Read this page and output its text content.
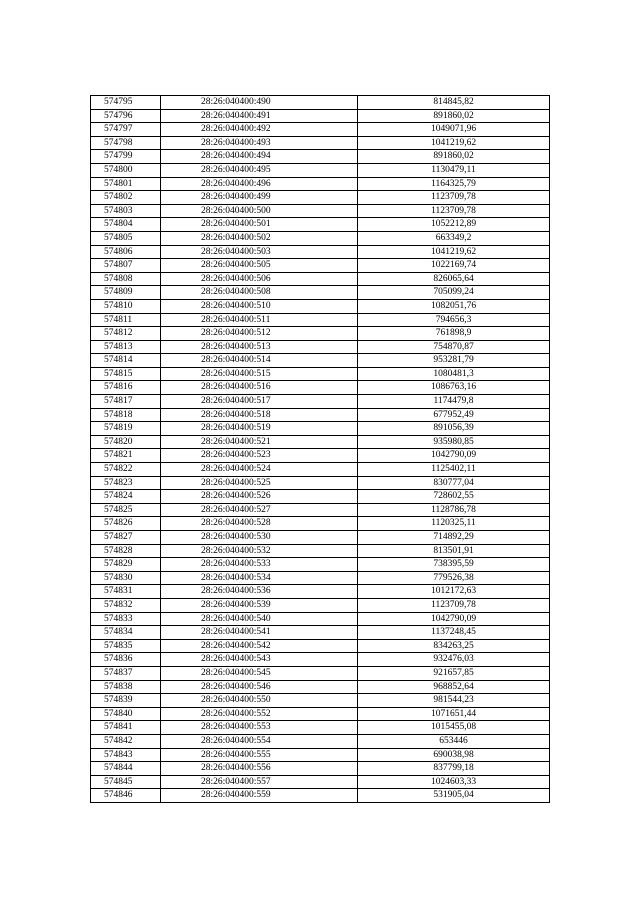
574795	28:26:040400:490	814845,82
574796	28:26:040400:491	891860,02
574797	28:26:040400:492	1049071,96
574798	28:26:040400:493	1041219,62
574799	28:26:040400:494	891860,02
574800	28:26:040400:495	1130479,11
574801	28:26:040400:496	1164325,79
574802	28:26:040400:499	1123709,78
574803	28:26:040400:500	1123709,78
574804	28:26:040400:501	1052212,89
574805	28:26:040400:502	663349,2
574806	28:26:040400:503	1041219,62
574807	28:26:040400:505	1022169,74
574808	28:26:040400:506	826065,64
574809	28:26:040400:508	705099,24
574810	28:26:040400:510	1082051,76
574811	28:26:040400:511	794656,3
574812	28:26:040400:512	761898,9
574813	28:26:040400:513	754870,87
574814	28:26:040400:514	953281,79
574815	28:26:040400:515	1080481,3
574816	28:26:040400:516	1086763,16
574817	28:26:040400:517	1174479,8
574818	28:26:040400:518	677952,49
574819	28:26:040400:519	891056,39
574820	28:26:040400:521	935980,85
574821	28:26:040400:523	1042790,09
574822	28:26:040400:524	1125402,11
574823	28:26:040400:525	830777,04
574824	28:26:040400:526	728602,55
574825	28:26:040400:527	1128786,78
574826	28:26:040400:528	1120325,11
574827	28:26:040400:530	714892,29
574828	28:26:040400:532	813501,91
574829	28:26:040400:533	738395,59
574830	28:26:040400:534	779526,38
574831	28:26:040400:536	1012172,63
574832	28:26:040400:539	1123709,78
574833	28:26:040400:540	1042790,09
574834	28:26:040400:541	1137248,45
574835	28:26:040400:542	834263,25
574836	28:26:040400:543	932476,03
574837	28:26:040400:545	921657,85
574838	28:26:040400:546	968852,64
574839	28:26:040400:550	981544,23
574840	28:26:040400:552	1071651,44
574841	28:26:040400:553	1015455,08
574842	28:26:040400:554	653446
574843	28:26:040400:555	690038,98
574844	28:26:040400:556	837799,18
574845	28:26:040400:557	1024603,33
574846	28:26:040400:559	531905,04
